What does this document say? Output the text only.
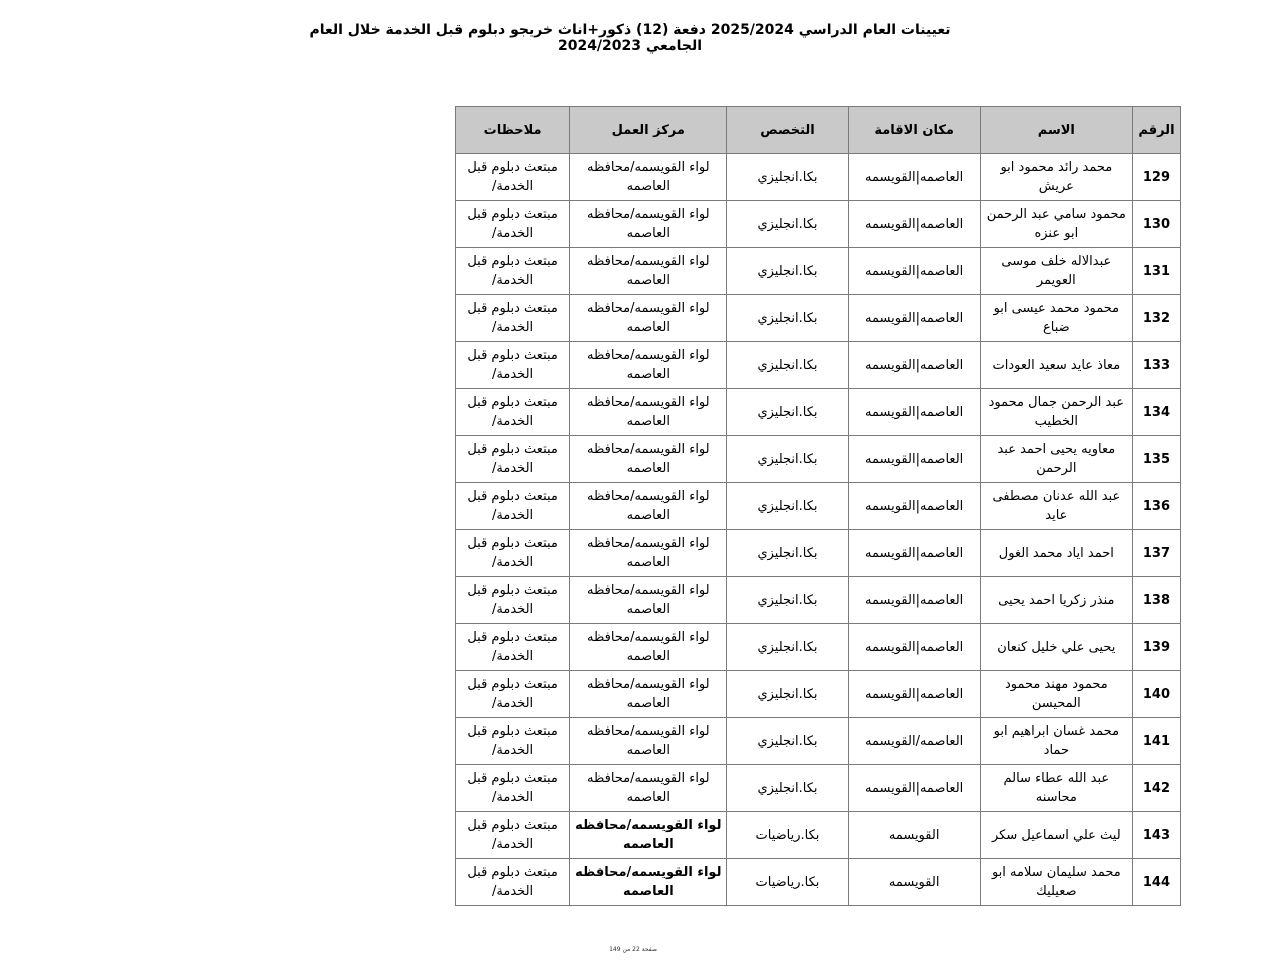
تعيينات العام الدراسي 2025/2024 دفعة (12) ذكور+اناث خريجو دبلوم قبل الخدمة خلال العام الجامعي 2024/2023
الرقم	الاسم	مكان الاقامة	التخصص	مركز العمل	ملاحظات
129	محمد رائد محمود ابو عريش	العاصمه|القويسمه	بكا.انجليزي	لواء القويسمه/محافظه العاصمه	مبتعث دبلوم قبل الخدمة/
130	محمود سامي عبد الرحمن ابو عنزه	العاصمه|القويسمه	بكا.انجليزي	لواء القويسمه/محافظه العاصمه	مبتعث دبلوم قبل الخدمة/
131	عبدالاله خلف موسى العويمر	العاصمه|القويسمه	بكا.انجليزي	لواء القويسمه/محافظه العاصمه	مبتعث دبلوم قبل الخدمة/
132	محمود محمد عيسى ابو ضباع	العاصمه|القويسمه	بكا.انجليزي	لواء القويسمه/محافظه العاصمه	مبتعث دبلوم قبل الخدمة/
133	معاذ عايد سعيد العودات	العاصمه|القويسمه	بكا.انجليزي	لواء القويسمه/محافظه العاصمه	مبتعث دبلوم قبل الخدمة/
134	عبد الرحمن جمال محمود الخطيب	العاصمه|القويسمه	بكا.انجليزي	لواء القويسمه/محافظه العاصمه	مبتعث دبلوم قبل الخدمة/
135	معاويه يحيى احمد عبد الرحمن	العاصمه|القويسمه	بكا.انجليزي	لواء القويسمه/محافظه العاصمه	مبتعث دبلوم قبل الخدمة/
136	عبد الله عدنان مصطفى عايد	العاصمه|القويسمه	بكا.انجليزي	لواء القويسمه/محافظه العاصمه	مبتعث دبلوم قبل الخدمة/
137	احمد اياد محمد الغول	العاصمه|القويسمه	بكا.انجليزي	لواء القويسمه/محافظه العاصمه	مبتعث دبلوم قبل الخدمة/
138	منذر زكريا احمد يحيى	العاصمه|القويسمه	بكا.انجليزي	لواء القويسمه/محافظه العاصمه	مبتعث دبلوم قبل الخدمة/
139	يحيى علي خليل كنعان	العاصمه|القويسمه	بكا.انجليزي	لواء القويسمه/محافظه العاصمه	مبتعث دبلوم قبل الخدمة/
140	محمود مهند محمود المحيسن	العاصمه|القويسمه	بكا.انجليزي	لواء القويسمه/محافظه العاصمه	مبتعث دبلوم قبل الخدمة/
141	محمد غسان ابراهيم ابو حماد	العاصمه/القويسمه	بكا.انجليزي	لواء القويسمه/محافظه العاصمه	مبتعث دبلوم قبل الخدمة/
142	عبد الله عطاء سالم محاسنه	العاصمه|القويسمه	بكا.انجليزي	لواء القويسمه/محافظه العاصمه	مبتعث دبلوم قبل الخدمة/
143	ليث علي اسماعيل سكر	القويسمه	بكا.رياضيات	لواء القويسمه/محافظه العاصمه	مبتعث دبلوم قبل الخدمة/
144	محمد سليمان سلامه ابو صعيليك	القويسمه	بكا.رياضيات	لواء القويسمه/محافظه العاصمه	مبتعث دبلوم قبل الخدمة/
صفحة 22 من 149
